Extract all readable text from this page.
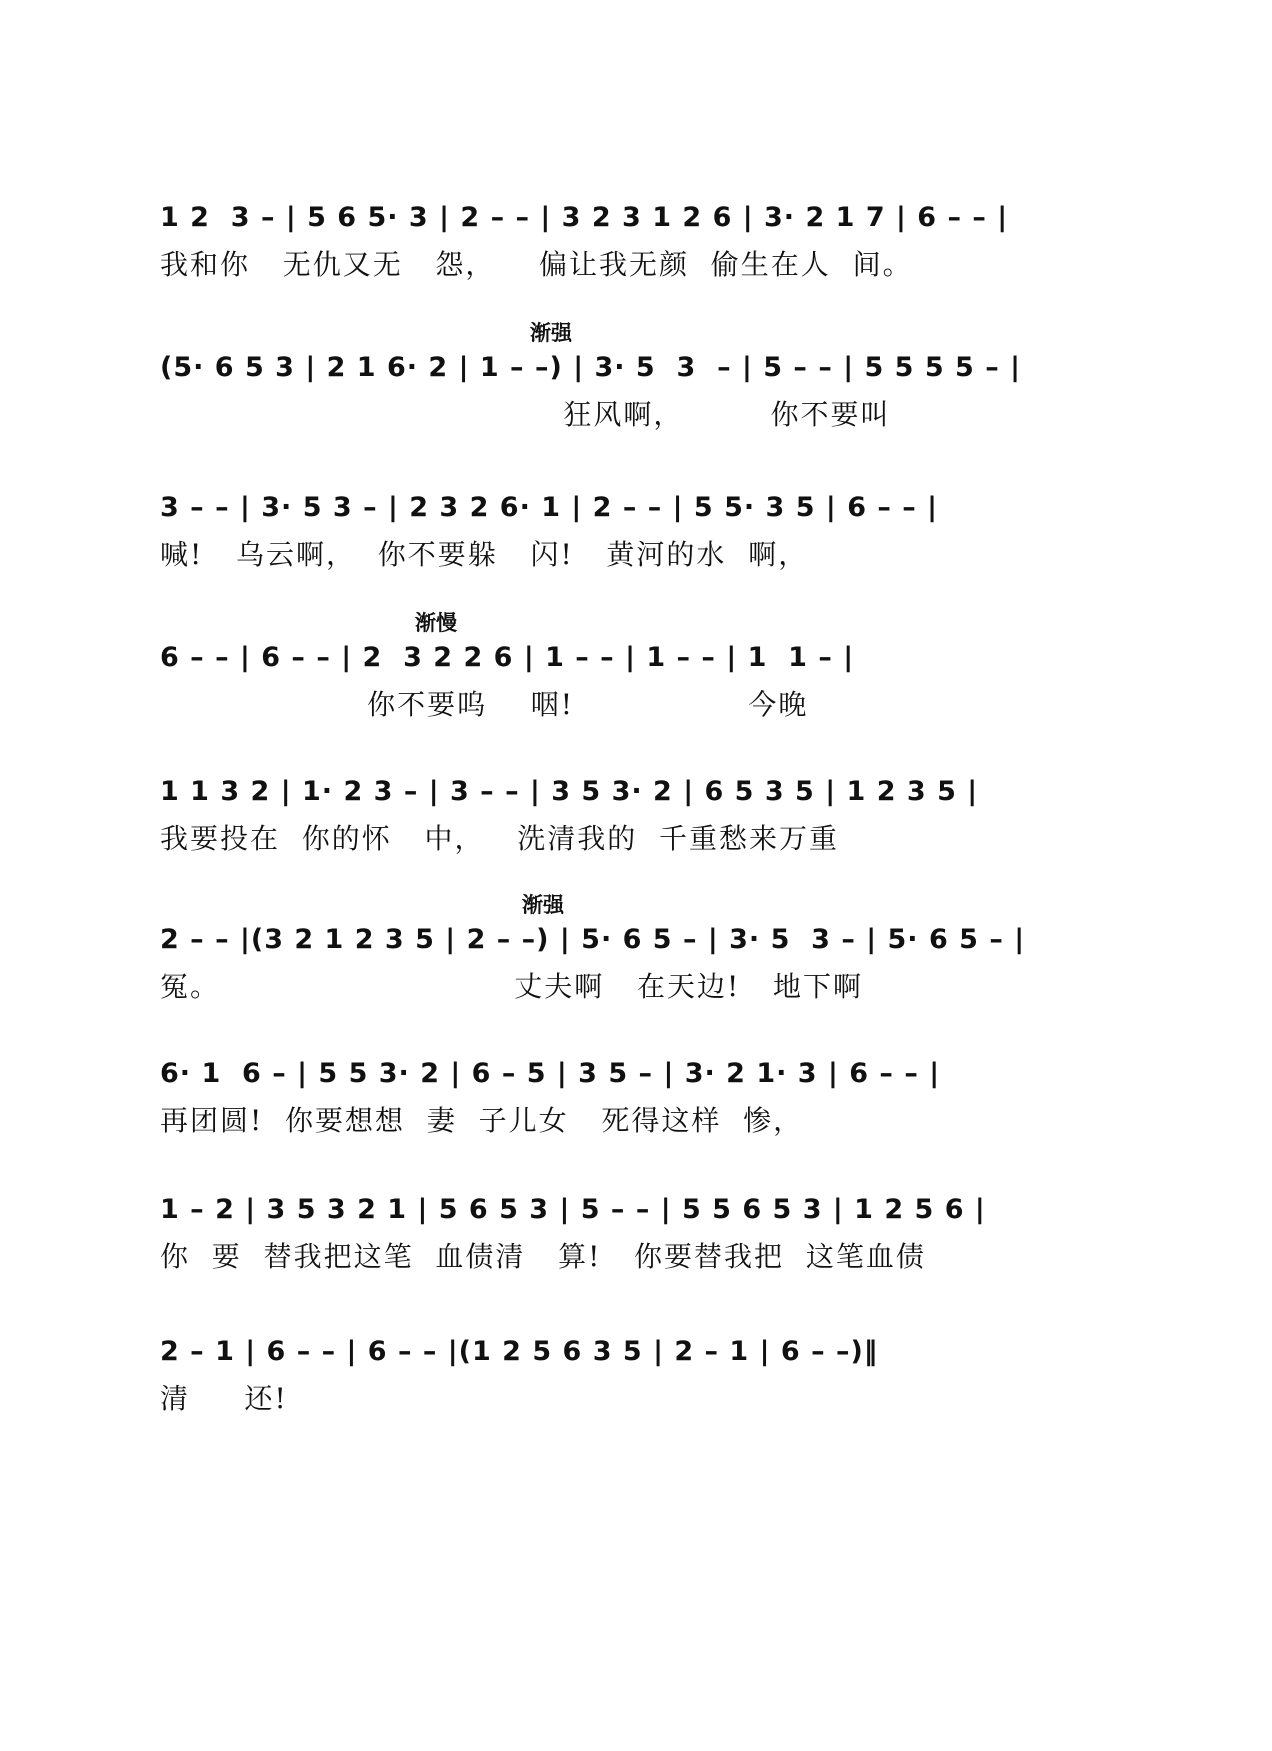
1 2  3 – | 5 6 5· 3 | 2 – – | 3 2 3 1 2 6 | 3· 2 1 7 | 6 – – |
我和你   无仇又无   怨，    偏让我无颜  偷生在人  间。
渐强
(5· 6 5 3 | 2 1 6· 2 | 1 – –) | 3· 5  3  – | 5 – – | 5 5 5 5 – |
狂风啊，        你不要叫
3 – – | 3· 5 3 – | 2 3 2 6· 1 | 2 – – | 5 5· 3 5 | 6 – – |
喊!   乌云啊，  你不要躲   闪!   黄河的水  啊，
渐慢
6 – – | 6 – – | 2  3 2 2 6 | 1 – – | 1 – – | 1  1 – |
你不要呜    咽!                今晚
1 1 3 2 | 1· 2 3 – | 3 – – | 3 5 3· 2 | 6 5 3 5 | 1 2 3 5 |
我要投在  你的怀   中，   洗清我的  千重愁来万重
渐强
2 – – |(3 2 1 2 3 5 | 2 – –) | 5· 6 5 – | 3· 5  3 – | 5· 6 5 – |
冤。                           丈夫啊   在天边!   地下啊
6· 1  6 – | 5 5 3· 2 | 6 – 5 | 3 5 – | 3· 2 1· 3 | 6 – – |
再团圆!  你要想想  妻  子儿女   死得这样  惨，
1 – 2 | 3 5 3 2 1 | 5 6 5 3 | 5 – – | 5 5 6 5 3 | 1 2 5 6 |
你  要  替我把这笔  血债清   算!   你要替我把  这笔血债
2 – 1 | 6 – – | 6 – – |(1 2 5 6 3 5 | 2 – 1 | 6 – –)‖
清     还!
